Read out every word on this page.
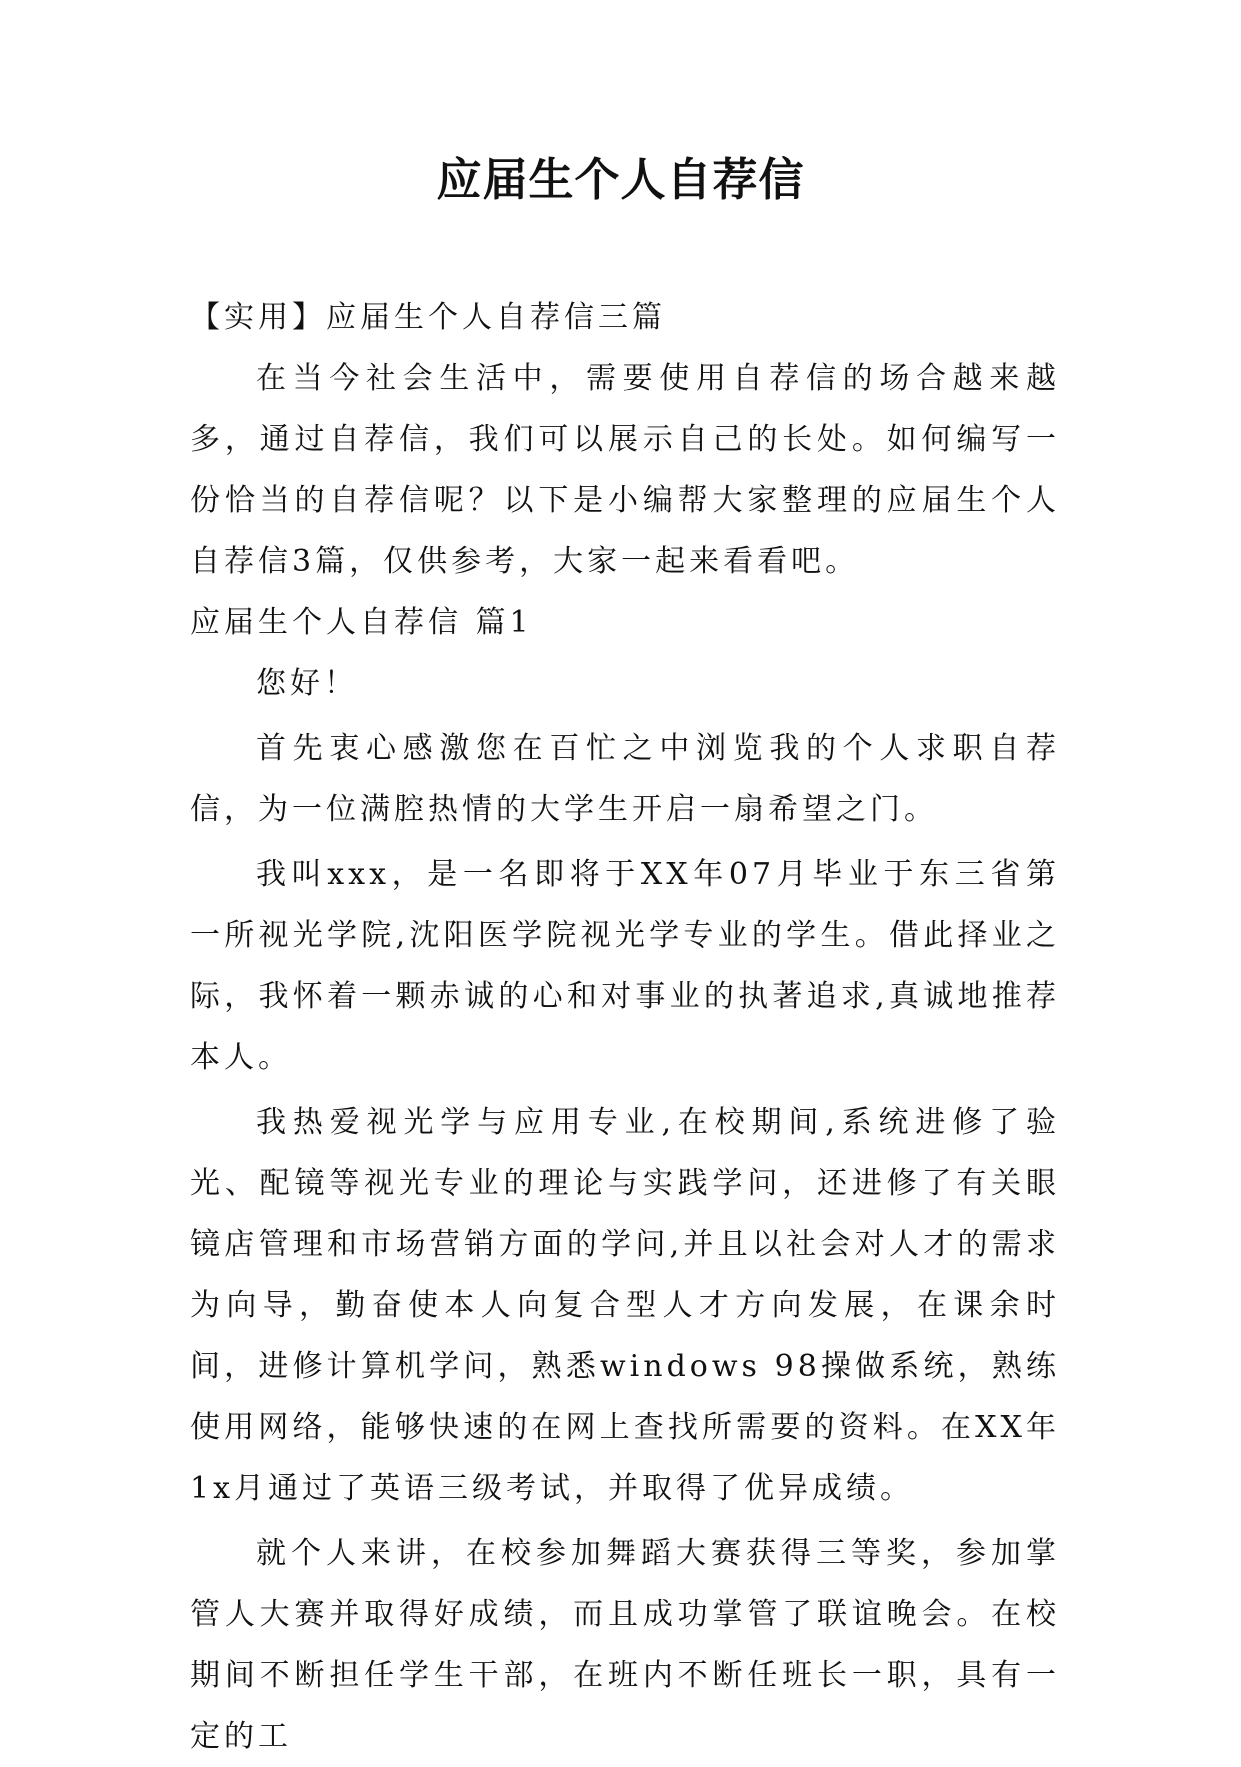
应届生个人自荐信

【实用】应届生个人自荐信三篇

在当今社会生活中，需要使用自荐信的场合越来越多，通过自荐信，我们可以展示自己的长处。如何编写一份恰当的自荐信呢？以下是小编帮大家整理的应届生个人自荐信3篇，仅供参考，大家一起来看看吧。

应届生个人自荐信 篇1

您好！

首先衷心感激您在百忙之中浏览我的个人求职自荐信，为一位满腔热情的大学生开启一扇希望之门。

我叫xxx，是一名即将于XX年07月毕业于东三省第一所视光学院,沈阳医学院视光学专业的学生。借此择业之际，我怀着一颗赤诚的心和对事业的执著追求,真诚地推荐本人。

我热爱视光学与应用专业,在校期间,系统进修了验光、配镜等视光专业的理论与实践学问，还进修了有关眼镜店管理和市场营销方面的学问,并且以社会对人才的需求为向导，勤奋使本人向复合型人才方向发展，在课余时间，进修计算机学问，熟悉windows 98操做系统，熟练使用网络，能够快速的在网上查找所需要的资料。在XX年1x月通过了英语三级考试，并取得了优异成绩。

就个人来讲，在校参加舞蹈大赛获得三等奖，参加掌管人大赛并取得好成绩，而且成功掌管了联谊晚会。在校期间不断担任学生干部，在班内不断任班长一职，具有一定的工
